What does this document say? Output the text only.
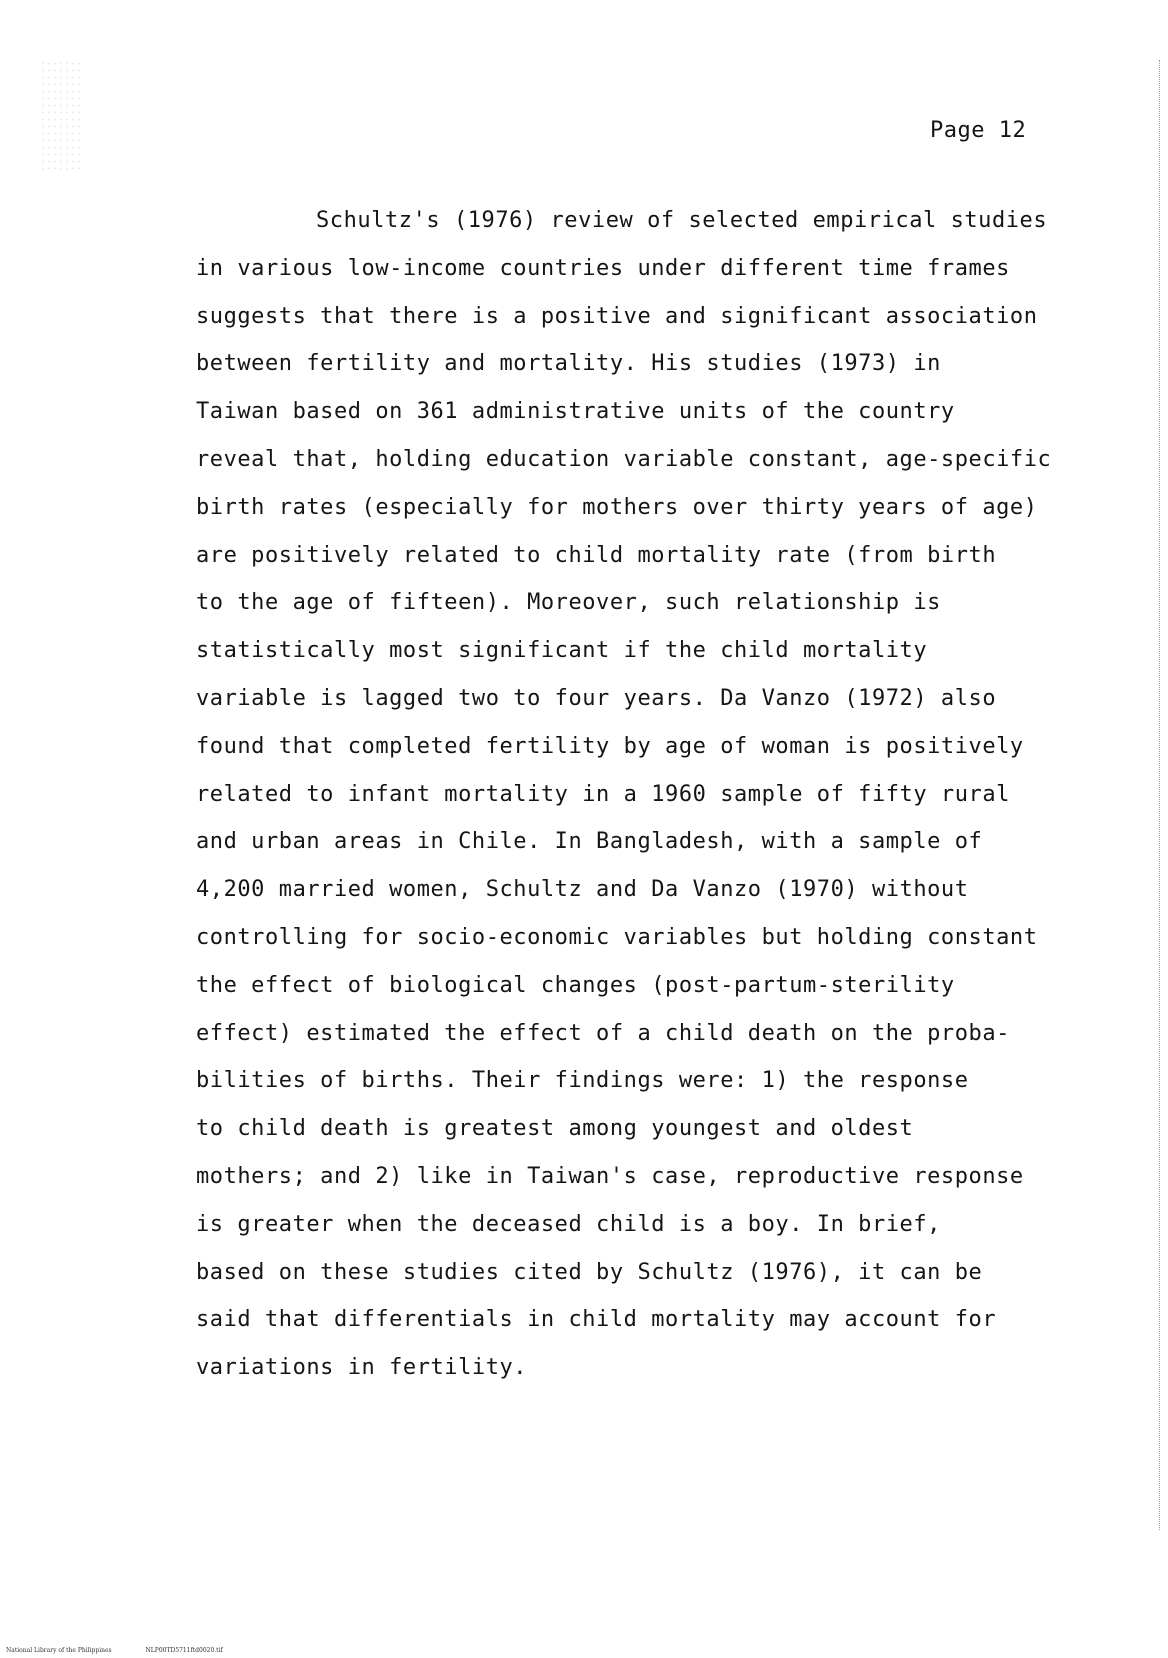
Page 12
Schultz's (1976) review of selected empirical studies
in various low-income countries under different time frames
suggests that there is a positive and significant association
between fertility and mortality. His studies (1973) in
Taiwan based on 361 administrative units of the country
reveal that, holding education variable constant, age-specific
birth rates (especially for mothers over thirty years of age)
are positively related to child mortality rate (from birth
to the age of fifteen). Moreover, such relationship is
statistically most significant if the child mortality
variable is lagged two to four years. Da Vanzo (1972) also
found that completed fertility by age of woman is positively
related to infant mortality in a 1960 sample of fifty rural
and urban areas in Chile. In Bangladesh, with a sample of
4,200 married women, Schultz and Da Vanzo (1970) without
controlling for socio-economic variables but holding constant
the effect of biological changes (post-partum-sterility
effect) estimated the effect of a child death on the proba-
bilities of births. Their findings were: 1) the response
to child death is greatest among youngest and oldest
mothers; and 2) like in Taiwan's case, reproductive response
is greater when the deceased child is a boy. In brief,
based on these studies cited by Schultz (1976), it can be
said that differentials in child mortality may account for
variations in fertility.
National Library of the Philippines	NLP00TD5711ftd0020.tif
